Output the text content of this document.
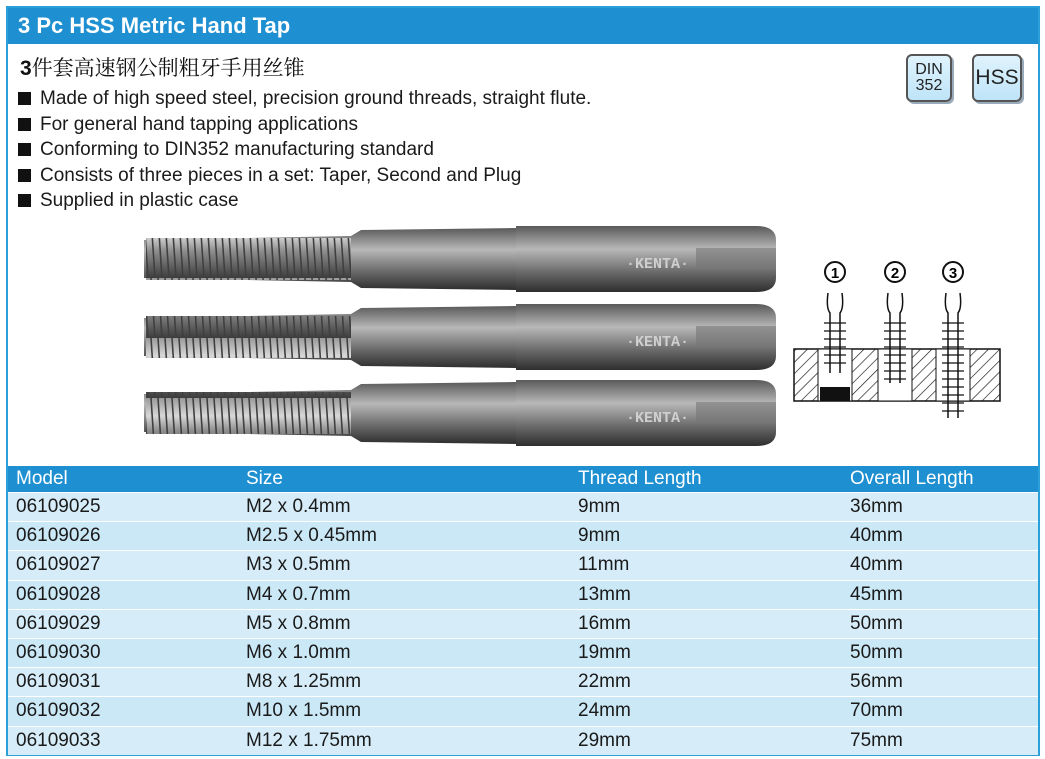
3 Pc HSS Metric Hand Tap
3件套高速钢公制粗牙手用丝锥	DIN
352	HSS
Made of high speed steel, precision ground threads, straight flute.
For general hand tapping applications
Conforming to DIN352 manufacturing standard
Consists of three pieces in a set: Taper, Second and Plug
Supplied in plastic case
·KENTA·
·KENTA·
·KENTA·
1	2	3
Model	Size	Thread Length	Overall Length
06109025	M2 x 0.4mm	9mm	36mm
06109026	M2.5 x 0.45mm	9mm	40mm
06109027	M3 x 0.5mm	11mm	40mm
06109028	M4 x 0.7mm	13mm	45mm
06109029	M5 x 0.8mm	16mm	50mm
06109030	M6 x 1.0mm	19mm	50mm
06109031	M8 x 1.25mm	22mm	56mm
06109032	M10 x 1.5mm	24mm	70mm
06109033	M12 x 1.75mm	29mm	75mm
